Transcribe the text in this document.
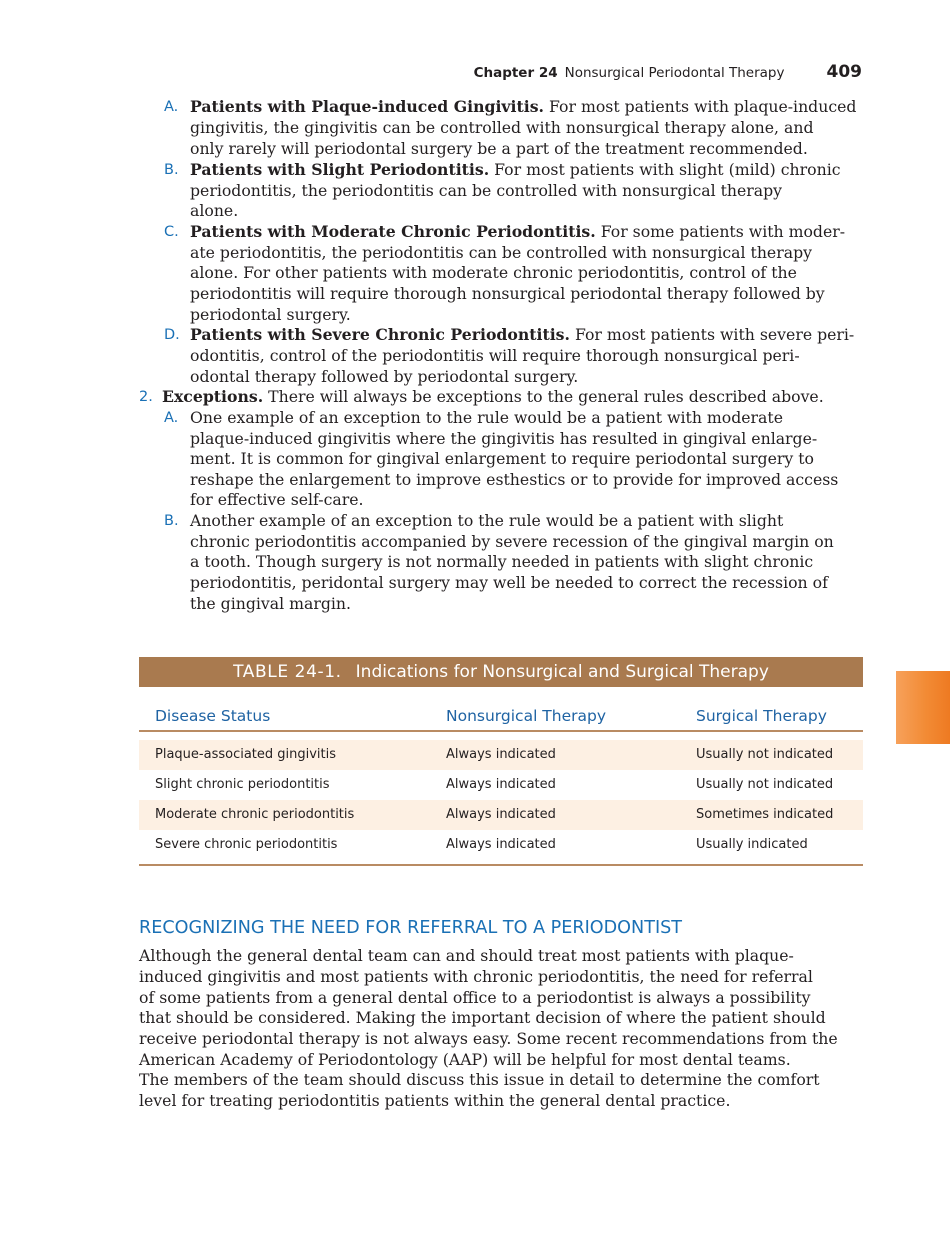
Chapter 24 Nonsurgical Periodontal Therapy 409
A. Patients with Plaque-induced Gingivitis. For most patients with plaque-induced
gingivitis, the gingivitis can be controlled with nonsurgical therapy alone, and
only rarely will periodontal surgery be a part of the treatment recommended.
B. Patients with Slight Periodontitis. For most patients with slight (mild) chronic
periodontitis, the periodontitis can be controlled with nonsurgical therapy
alone.
C. Patients with Moderate Chronic Periodontitis. For some patients with moder-
ate periodontitis, the periodontitis can be controlled with nonsurgical therapy
alone. For other patients with moderate chronic periodontitis, control of the
periodontitis will require thorough nonsurgical periodontal therapy followed by
periodontal surgery.
D. Patients with Severe Chronic Periodontitis. For most patients with severe peri-
odontitis, control of the periodontitis will require thorough nonsurgical peri-
odontal therapy followed by periodontal surgery.
2. Exceptions. There will always be exceptions to the general rules described above.
A. One example of an exception to the rule would be a patient with moderate
plaque-induced gingivitis where the gingivitis has resulted in gingival enlarge-
ment. It is common for gingival enlargement to require periodontal surgery to
reshape the enlargement to improve esthestics or to provide for improved access
for effective self-care.
B. Another example of an exception to the rule would be a patient with slight
chronic periodontitis accompanied by severe recession of the gingival margin on
a tooth. Though surgery is not normally needed in patients with slight chronic
periodontitis, peridontal surgery may well be needed to correct the recession of
the gingival margin.
TABLE 24-1. Indications for Nonsurgical and Surgical Therapy
Disease Status	Nonsurgical Therapy	Surgical Therapy
Plaque-associated gingivitis	Always indicated	Usually not indicated
Slight chronic periodontitis	Always indicated	Usually not indicated
Moderate chronic periodontitis	Always indicated	Sometimes indicated
Severe chronic periodontitis	Always indicated	Usually indicated
RECOGNIZING THE NEED FOR REFERRAL TO A PERIODONTIST
Although the general dental team can and should treat most patients with plaque-
induced gingivitis and most patients with chronic periodontitis, the need for referral
of some patients from a general dental office to a periodontist is always a possibility
that should be considered. Making the important decision of where the patient should
receive periodontal therapy is not always easy. Some recent recommendations from the
American Academy of Periodontology (AAP) will be helpful for most dental teams.
The members of the team should discuss this issue in detail to determine the comfort
level for treating periodontitis patients within the general dental practice.
